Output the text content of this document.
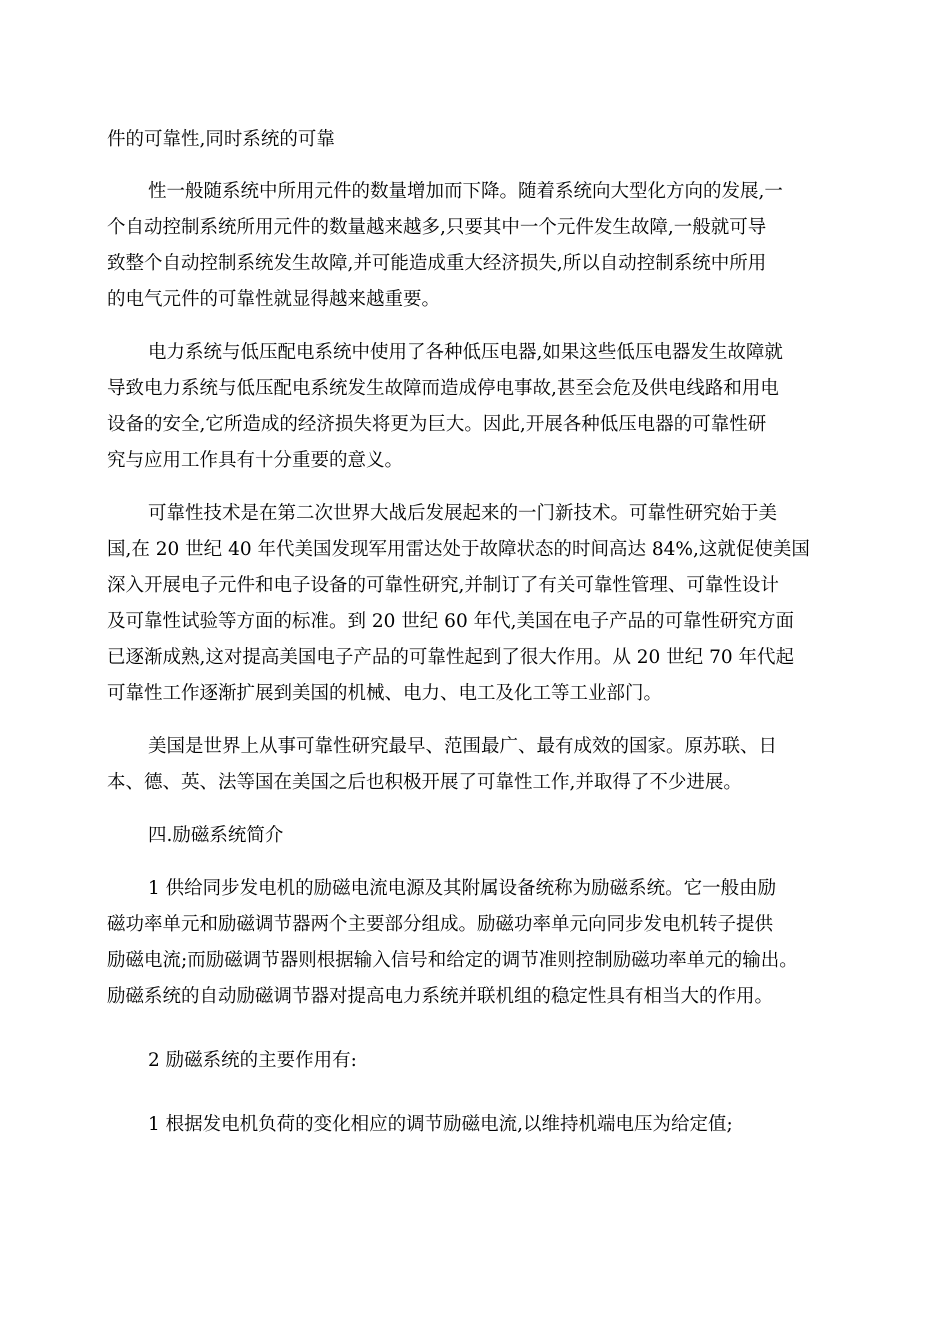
件的可靠性,同时系统的可靠
性一般随系统中所用元件的数量增加而下降。随着系统向大型化方向的发展,一
个自动控制系统所用元件的数量越来越多,只要其中一个元件发生故障,一般就可导
致整个自动控制系统发生故障,并可能造成重大经济损失,所以自动控制系统中所用
的电气元件的可靠性就显得越来越重要。
电力系统与低压配电系统中使用了各种低压电器,如果这些低压电器发生故障就
导致电力系统与低压配电系统发生故障而造成停电事故,甚至会危及供电线路和用电
设备的安全,它所造成的经济损失将更为巨大。因此,开展各种低压电器的可靠性研
究与应用工作具有十分重要的意义。
可靠性技术是在第二次世界大战后发展起来的一门新技术。可靠性研究始于美
国,在 20 世纪 40 年代美国发现军用雷达处于故障状态的时间高达 84%,这就促使美国
深入开展电子元件和电子设备的可靠性研究,并制订了有关可靠性管理、可靠性设计
及可靠性试验等方面的标准。到 20 世纪 60 年代,美国在电子产品的可靠性研究方面
已逐渐成熟,这对提高美国电子产品的可靠性起到了很大作用。从 20 世纪 70 年代起
可靠性工作逐渐扩展到美国的机械、电力、电工及化工等工业部门。
美国是世界上从事可靠性研究最早、范围最广、最有成效的国家。原苏联、日
本、德、英、法等国在美国之后也积极开展了可靠性工作,并取得了不少进展。
四.励磁系统简介
1 供给同步发电机的励磁电流电源及其附属设备统称为励磁系统。它一般由励
磁功率单元和励磁调节器两个主要部分组成。励磁功率单元向同步发电机转子提供
励磁电流;而励磁调节器则根据输入信号和给定的调节准则控制励磁功率单元的输出。
励磁系统的自动励磁调节器对提高电力系统并联机组的稳定性具有相当大的作用。
2 励磁系统的主要作用有:
1 根据发电机负荷的变化相应的调节励磁电流,以维持机端电压为给定值;
